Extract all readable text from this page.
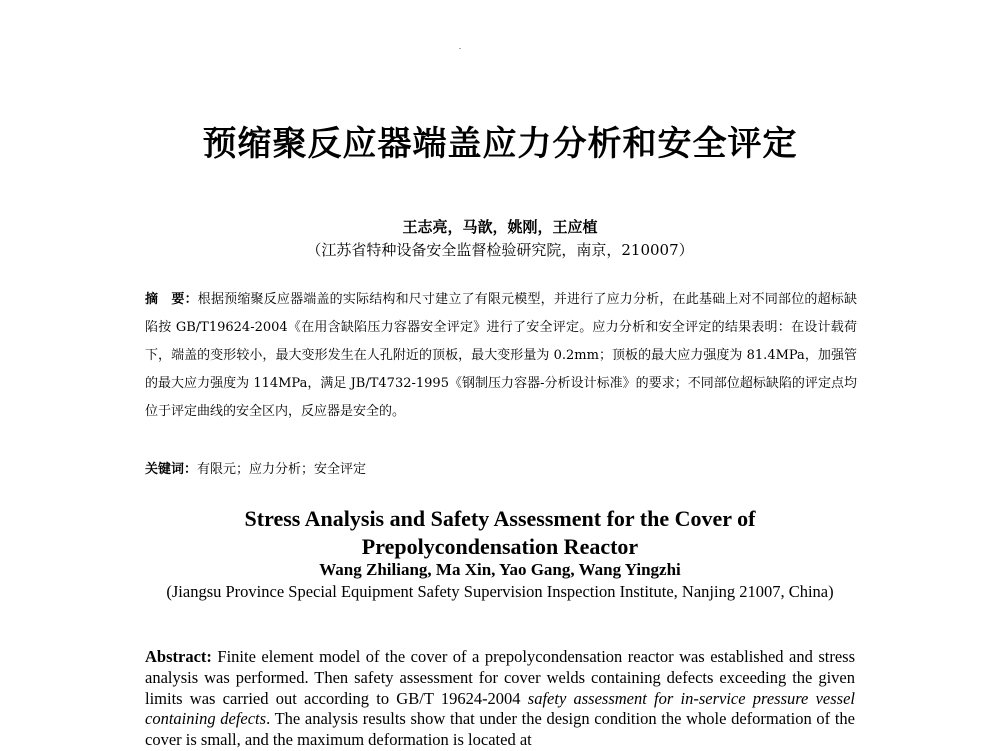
预缩聚反应器端盖应力分析和安全评定
王志亮，马歆，姚刚，王应植
（江苏省特种设备安全监督检验研究院，南京，210007）
摘　要：根据预缩聚反应器端盖的实际结构和尺寸建立了有限元模型，并进行了应力分析，在此基础上对不同部位的超标缺陷按 GB/T19624-2004《在用含缺陷压力容器安全评定》进行了安全评定。应力分析和安全评定的结果表明：在设计载荷下，端盖的变形较小，最大变形发生在人孔附近的顶板，最大变形量为 0.2mm；顶板的最大应力强度为 81.4MPa，加强管的最大应力强度为 114MPa，满足 JB/T4732-1995《钢制压力容器-分析设计标准》的要求；不同部位超标缺陷的评定点均位于评定曲线的安全区内，反应器是安全的。
关键词：有限元；应力分析；安全评定
Stress Analysis and Safety Assessment for the Cover of Prepolycondensation Reactor
Wang Zhiliang, Ma Xin, Yao Gang, Wang Yingzhi
(Jiangsu Province Special Equipment Safety Supervision Inspection Institute, Nanjing 21007, China)
Abstract: Finite element model of the cover of a prepolycondensation reactor was established and stress analysis was performed. Then safety assessment for cover welds containing defects exceeding the given limits was carried out according to GB/T 19624-2004 safety assessment for in-service pressure vessel containing defects. The analysis results show that under the design condition the whole deformation of the cover is small, and the maximum deformation is located at
